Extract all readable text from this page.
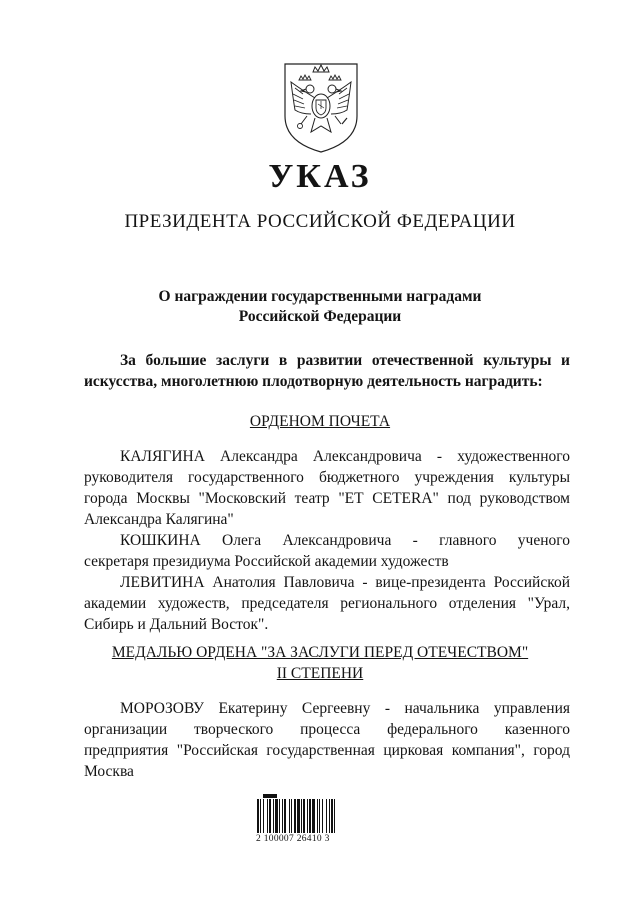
УКАЗ
ПРЕЗИДЕНТА РОССИЙСКОЙ ФЕДЕРАЦИИ
О награждении государственными наградами
Российской Федерации
За большие заслуги в развитии отечественной культуры и
искусства, многолетнюю плодотворную деятельность наградить:
ОРДЕНОМ ПОЧЕТА
КАЛЯГИНА Александра Александровича - художественного
руководителя государственного бюджетного учреждения культуры
города Москвы "Московский театр "ЕТ CETERA" под руководством
Александра Калягина"
КОШКИНА Олега Александровича - главного ученого
секретаря президиума Российской академии художеств
ЛЕВИТИНА Анатолия Павловича - вице-президента Российской
академии художеств, председателя регионального отделения "Урал,
Сибирь и Дальний Восток".
МЕДАЛЬЮ ОРДЕНА "ЗА ЗАСЛУГИ ПЕРЕД ОТЕЧЕСТВОМ"
II СТЕПЕНИ
МОРОЗОВУ Екатерину Сергеевну - начальника управления
организации творческого процесса федерального казенного
предприятия "Российская государственная цирковая компания", город
Москва
2 100007 26410 3
